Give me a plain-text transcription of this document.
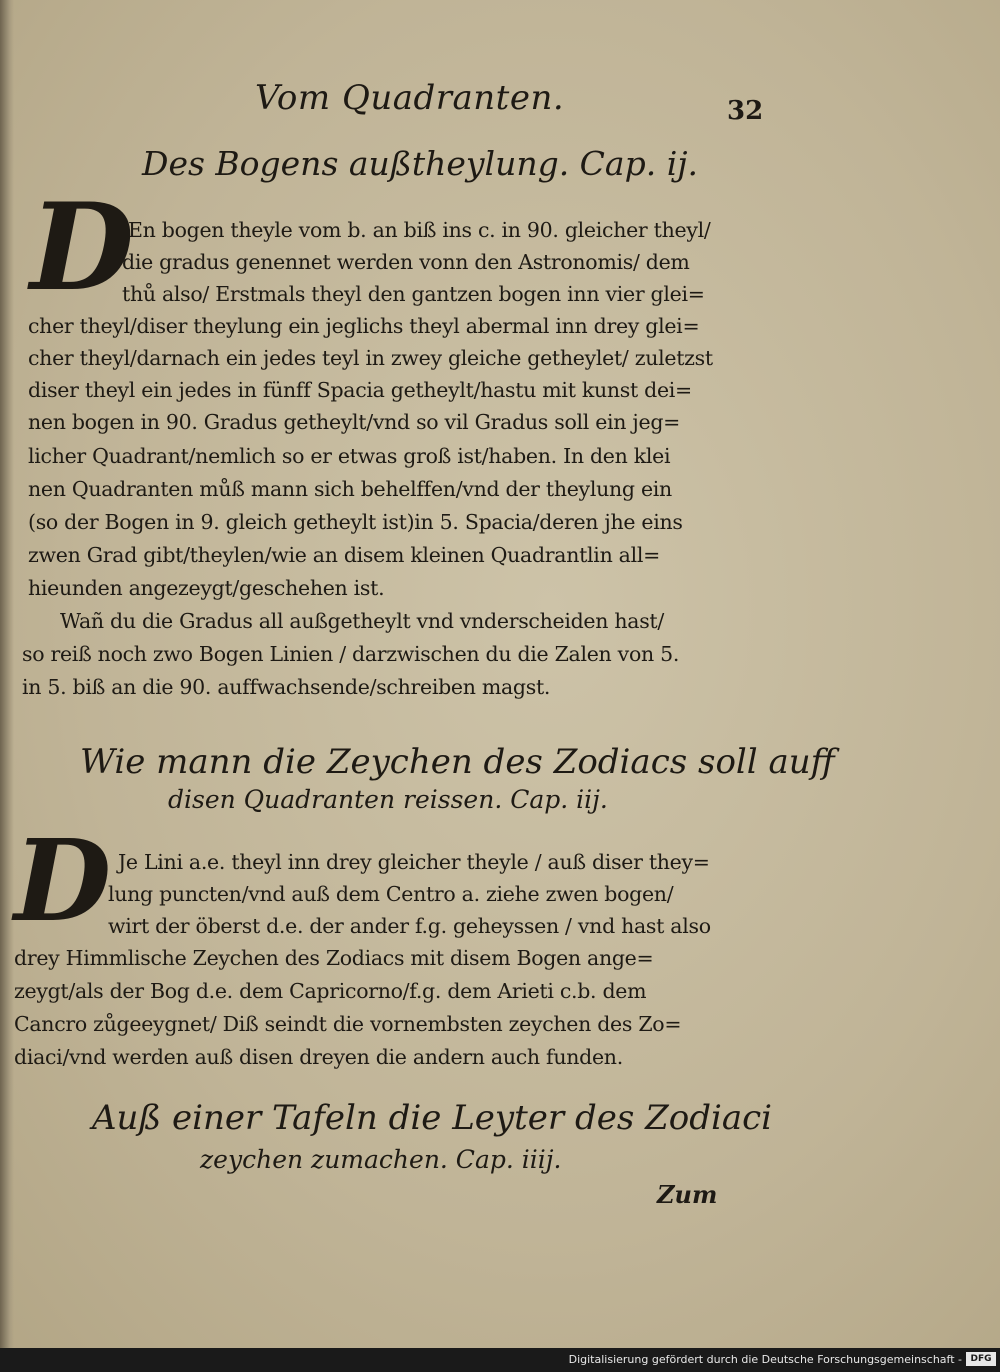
Vom Quadranten.	32
Des Bogens außtheylung. Cap. ij.
D
En bogen theyle vom b. an biß ins c. in 90. gleicher theyl/
die gradus genennet werden vonn den Astronomis/ dem
thů also/ Erstmals theyl den gantzen bogen inn vier glei=
cher theyl/diser theylung ein jeglichs theyl abermal inn drey glei=
cher theyl/darnach ein jedes teyl in zwey gleiche getheylet/ zuletzst
diser theyl ein jedes in fünff Spacia getheylt/hastu mit kunst dei=
nen bogen in 90. Gradus getheylt/vnd so vil Gradus soll ein jeg=
licher Quadrant/nemlich so er etwas groß ist/haben. In den klei
nen Quadranten můß mann sich behelffen/vnd der theylung ein
(so der Bogen in 9. gleich getheylt ist)in 5. Spacia/deren jhe eins
zwen Grad gibt/theylen/wie an disem kleinen Quadrantlin all=
hieunden angezeygt/geschehen ist.
Wañ du die Gradus all außgetheylt vnd vnderscheiden hast/
so reiß noch zwo Bogen Linien / darzwischen du die Zalen von 5.
in 5. biß an die 90. auffwachsende/schreiben magst.
Wie mann die Zeychen des Zodiacs soll auff
disen Quadranten reissen. Cap. iij.
D Je Lini a.e. theyl inn drey gleicher theyle / auß diser they=
lung puncten/vnd auß dem Centro a. ziehe zwen bogen/
wirt der öberst d.e. der ander f.g. geheyssen / vnd hast also
drey Himmlische Zeychen des Zodiacs mit disem Bogen ange=
zeygt/als der Bog d.e. dem Capricorno/f.g. dem Arieti c.b. dem
Cancro zůgeeygnet/ Diß seindt die vornembsten zeychen des Zo=
diaci/vnd werden auß disen dreyen die andern auch funden.
Auß einer Tafeln die Leyter des Zodiaci
zeychen zumachen. Cap. iiij.
Zum
Digitalisierung gefördert durch die Deutsche Forschungsgemeinschaft - DFG
